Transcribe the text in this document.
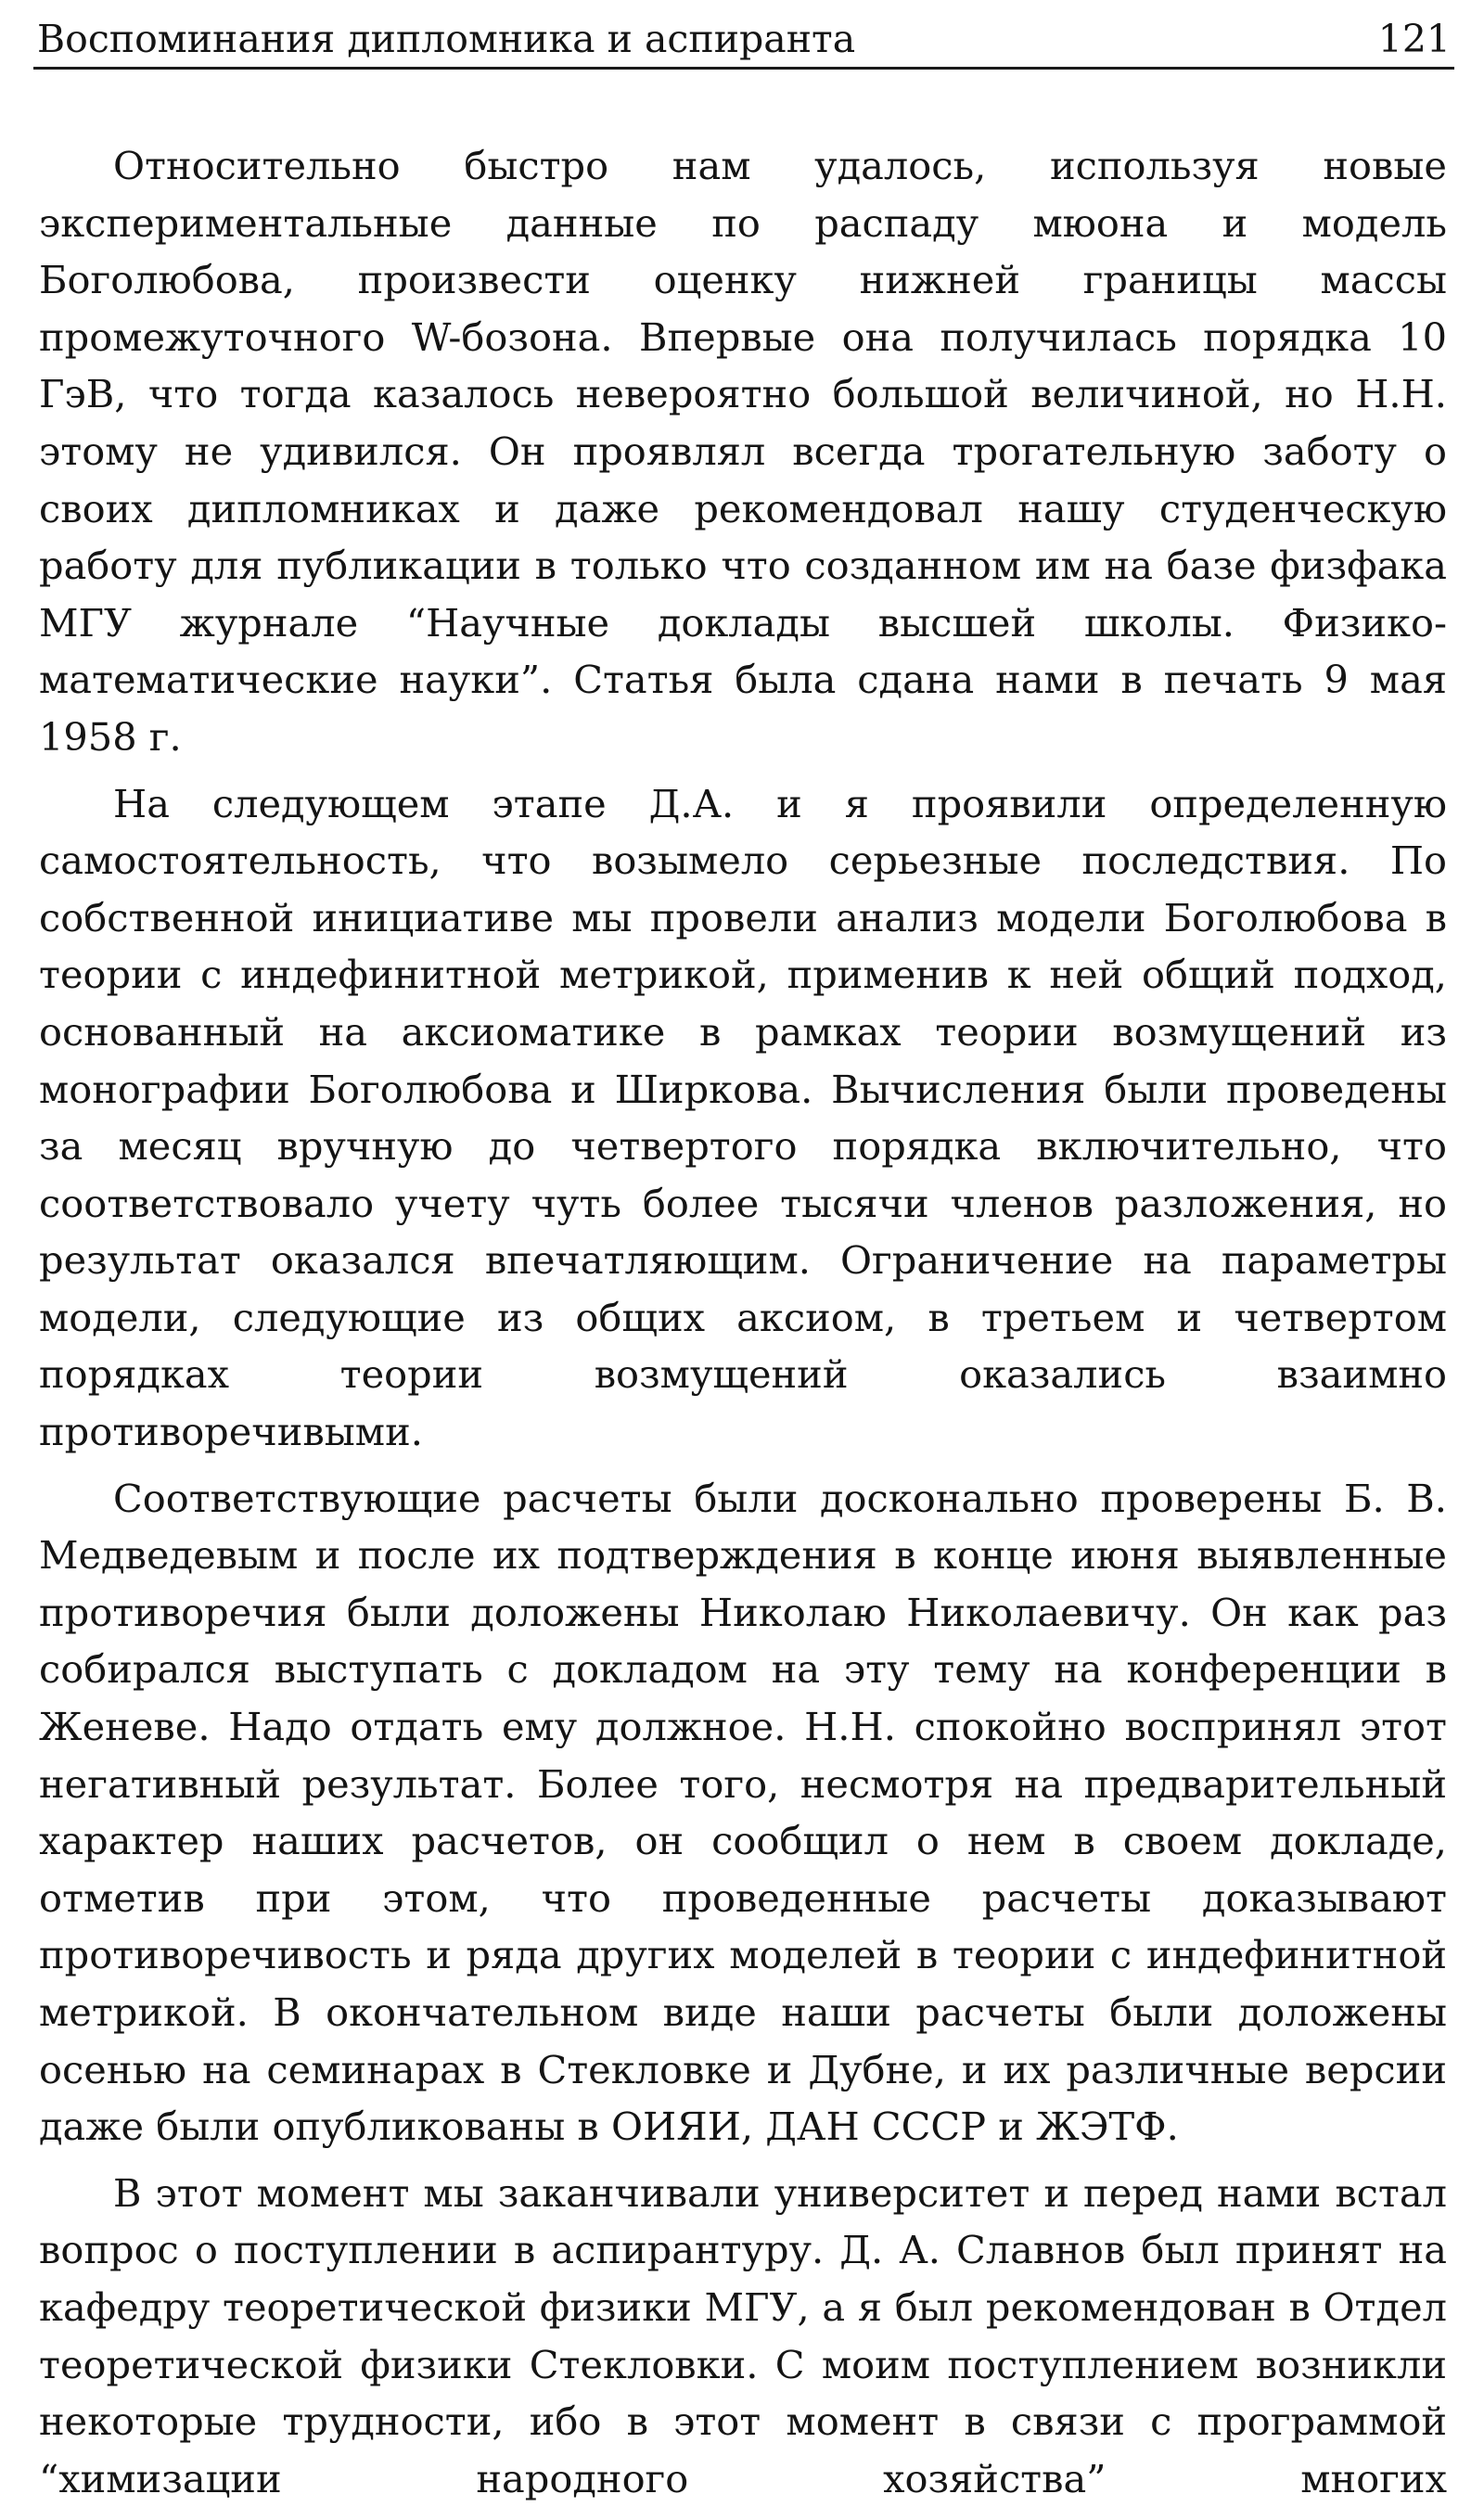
Воспоминания дипломника и аспиранта	121

Относительно быстро нам удалось, используя новые экспериментальные данные по распаду мюона и модель Боголюбова, произвести оценку нижней границы массы промежуточного W-бозона. Впервые она получилась порядка 10 ГэВ, что тогда казалось невероятно большой величиной, но Н.Н. этому не удивился. Он проявлял всегда трогательную заботу о своих дипломниках и даже рекомендовал нашу студенческую работу для публикации в только что созданном им на базе физфака МГУ журнале “Научные доклады высшей школы. Физико-математические науки”. Статья была сдана нами в печать 9 мая 1958 г.

На следующем этапе Д.А. и я проявили определенную самостоятельность, что возымело серьезные последствия. По собственной инициативе мы провели анализ модели Боголюбова в теории с индефинитной метрикой, применив к ней общий подход, основанный на аксиоматике в рамках теории возмущений из монографии Боголюбова и Ширкова. Вычисления были проведены за месяц вручную до четвертого порядка включительно, что соответствовало учету чуть более тысячи членов разложения, но результат оказался впечатляющим. Ограничение на параметры модели, следующие из общих аксиом, в третьем и четвертом порядках теории возмущений оказались взаимно противоречивыми.

Соответствующие расчеты были досконально проверены Б. В. Медведевым и после их подтверждения в конце июня выявленные противоречия были доложены Николаю Николаевичу. Он как раз собирался выступать с докладом на эту тему на конференции в Женеве. Надо отдать ему должное. Н.Н. спокойно воспринял этот негативный результат. Более того, несмотря на предварительный характер наших расчетов, он сообщил о нем в своем докладе, отметив при этом, что проведенные расчеты доказывают противоречивость и ряда других моделей в теории с индефинитной метрикой. В окончательном виде наши расчеты были доложены осенью на семинарах в Стекловке и Дубне, и их различные версии даже были опубликованы в ОИЯИ, ДАН СССР и ЖЭТФ.

В этот момент мы заканчивали университет и перед нами встал вопрос о поступлении в аспирантуру. Д. А. Славнов был принят на кафедру теоретической физики МГУ, а я был рекомендован в Отдел теоретической физики Стекловки. С моим поступлением возникли некоторые трудности, ибо в этот момент в связи с программой “химизации народного хозяйства” многих
